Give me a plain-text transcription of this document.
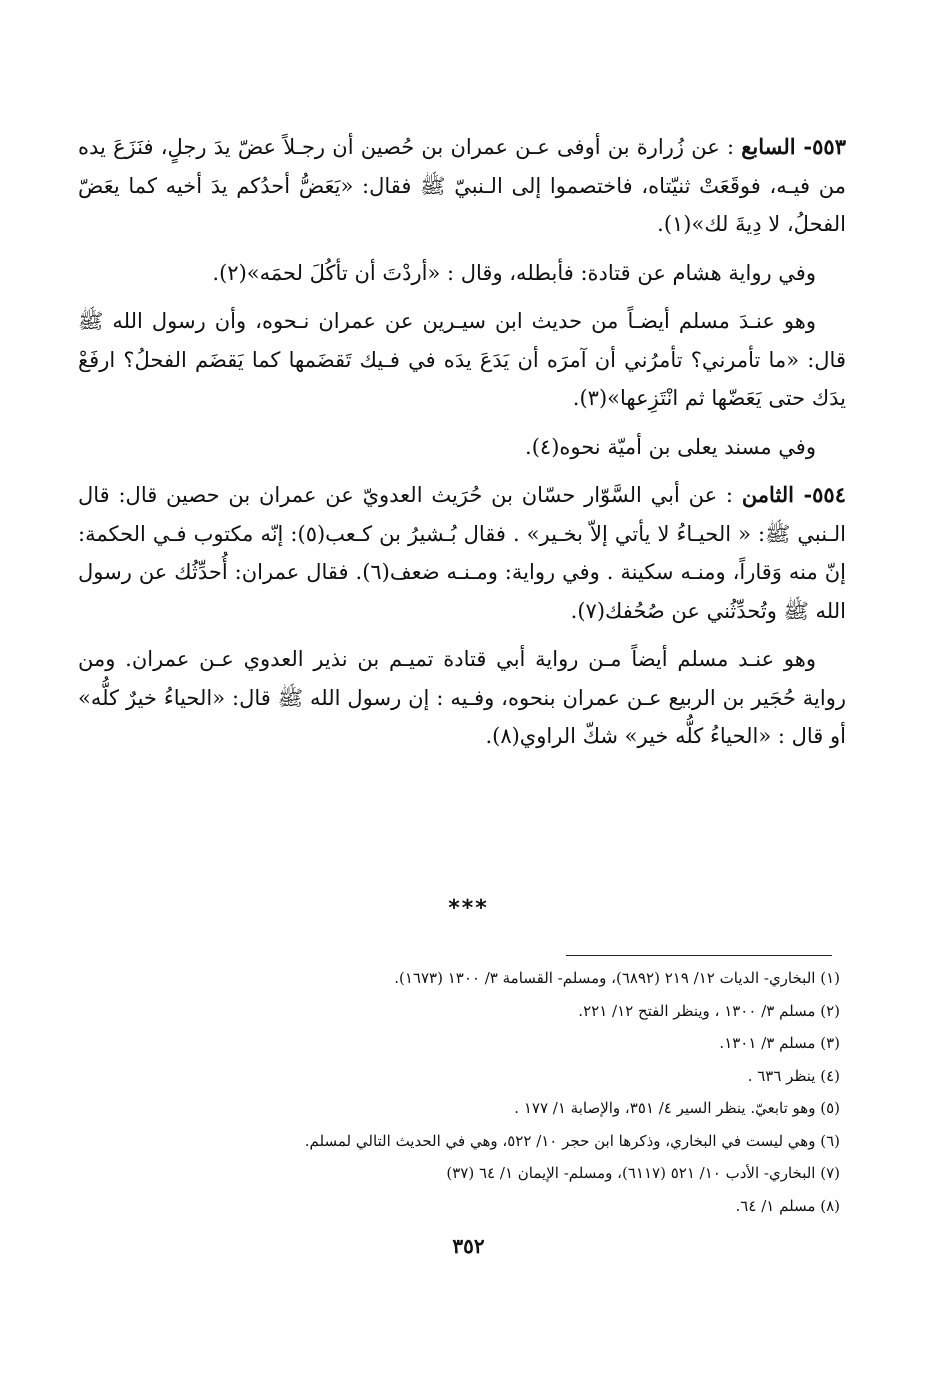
٥٥٣- السابع : عن زُرارة بن أوفى عـن عمران بن حُصين أن رجـلاً عضّ يدَ رجلٍ، فنَزَعَ يده من فيـه، فوقَعَتْ ثنيّتاه، فاختصموا إلى الـنبيّ ﷺ فقال: «يَعَضُّ أحدُكم يدَ أخيه كما يعَضّ الفحلُ، لا دِيةَ لك»(١).

وفي رواية هشام عن قتادة: فأبطله، وقال : «أردْتَ أن تأكُلَ لحمَه»(٢).

وهو عنـدَ مسلم أيضـاً من حديث ابن سيـرين عن عمران نـحوه، وأن رسول الله ﷺ قال: «ما تأمرني؟ تأمرُني أن آمرَه أن يَدَعَ يدَه في فـيك تَقضَمها كما يَقضَم الفحلُ؟ ارفَعْ يدَك حتى يَعَضّها ثم انْتَزِعها»(٣).

وفي مسند يعلى بن أميّة نحوه(٤).

٥٥٤- الثامن : عن أبي السَّوّار حسّان بن حُرَيث العدويّ عن عمران بن حصين قال: قال الـنبي ﷺ: « الحيـاءُ لا يأتي إلاّ بخـير» . فقال بُـشيرُ بن كـعب(٥): إنّه مكتوب فـي الحكمة: إنّ منه وَقاراً، ومنـه سكينة . وفي رواية: ومـنـه ضعف(٦). فقال عمران: أُحدِّثُك عن رسول الله ﷺ وتُحدِّثُني عن صُحُفك(٧).

وهو عنـد مسلم أيضاً مـن رواية أبي قتادة تميـم بن نذير العدوي عـن عمران. ومن رواية حُجَير بن الربيع عـن عمران بنحوه، وفـيه : إن رسول الله ﷺ قال: «الحياءُ خيرٌ كلُّه» أو قال : «الحياءُ كلُّه خير» شكّ الراوي(٨).

***
(١) البخاري- الديات ١٢/ ٢١٩ (٦٨٩٢)، ومسلم- القسامة ٣/ ١٣٠٠ (١٦٧٣).
(٢) مسلم ٣/ ١٣٠٠ ، وينظر الفتح ١٢/ ٢٢١.
(٣) مسلم ٣/ ١٣٠١.
(٤) ينظر ٦٣٦ .
(٥) وهو تابعيّ. ينظر السير ٤/ ٣٥١، والإصابة ١/ ١٧٧ .
(٦) وهي ليست في البخاري، وذكرها ابن حجر ١٠/ ٥٢٢، وهي في الحديث التالي لمسلم.
(٧) البخاري- الأدب ١٠/ ٥٢١ (٦١١٧)، ومسلم- الإيمان ١/ ٦٤ (٣٧)
(٨) مسلم ١/ ٦٤.
٣٥٢
